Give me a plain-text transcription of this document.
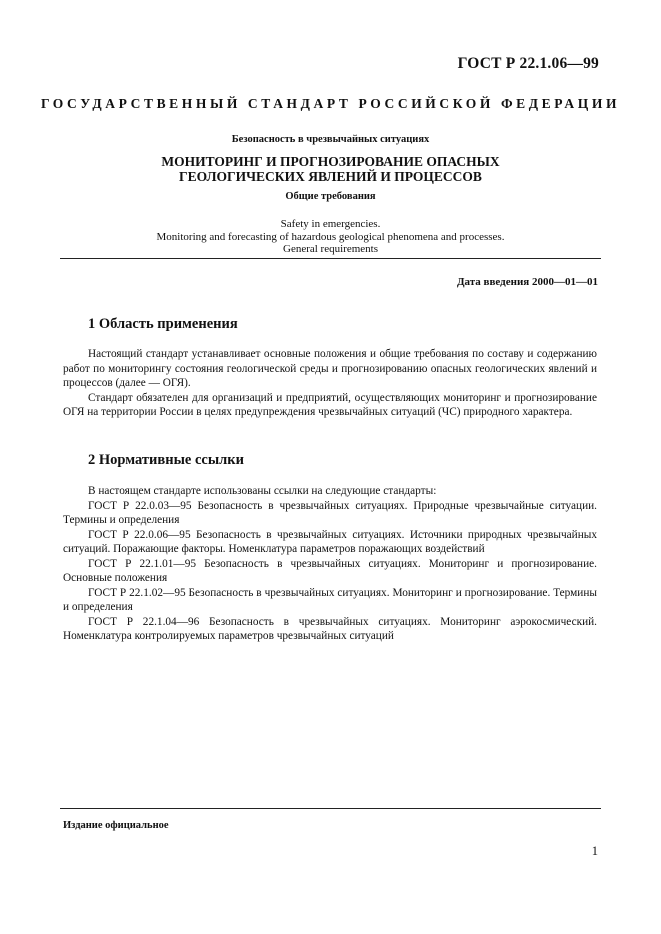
ГОСТ Р 22.1.06—99
ГОСУДАРСТВЕННЫЙ СТАНДАРТ РОССИЙСКОЙ ФЕДЕРАЦИИ
Безопасность в чрезвычайных ситуациях
МОНИТОРИНГ И ПРОГНОЗИРОВАНИЕ ОПАСНЫХ
ГЕОЛОГИЧЕСКИХ ЯВЛЕНИЙ И ПРОЦЕССОВ
Общие требования
Safety in emergencies.
Monitoring and forecasting of hazardous geological phenomena and processes.
General requirements
Дата введения 2000—01—01
1 Область применения

Настоящий стандарт устанавливает основные положения и общие требования по составу и содержанию работ по мониторингу состояния геологической среды и прогнозированию опасных геологических явлений и процессов (далее — ОГЯ).

Стандарт обязателен для организаций и предприятий, осуществляющих мониторинг и прогнозирование ОГЯ на территории России в целях предупреждения чрезвычайных ситуаций (ЧС) природного характера.

2 Нормативные ссылки

В настоящем стандарте использованы ссылки на следующие стандарты:

ГОСТ Р 22.0.03—95 Безопасность в чрезвычайных ситуациях. Природные чрезвычайные ситуации. Термины и определения

ГОСТ Р 22.0.06—95 Безопасность в чрезвычайных ситуациях. Источники природных чрезвычайных ситуаций. Поражающие факторы. Номенклатура параметров поражающих воздействий

ГОСТ Р 22.1.01—95 Безопасность в чрезвычайных ситуациях. Мониторинг и прогнозирование. Основные положения

ГОСТ Р 22.1.02—95 Безопасность в чрезвычайных ситуациях. Мониторинг и прогнозирование. Термины и определения

ГОСТ Р 22.1.04—96 Безопасность в чрезвычайных ситуациях. Мониторинг аэрокосмический. Номенклатура контролируемых параметров чрезвычайных ситуаций

Издание официальное
1
